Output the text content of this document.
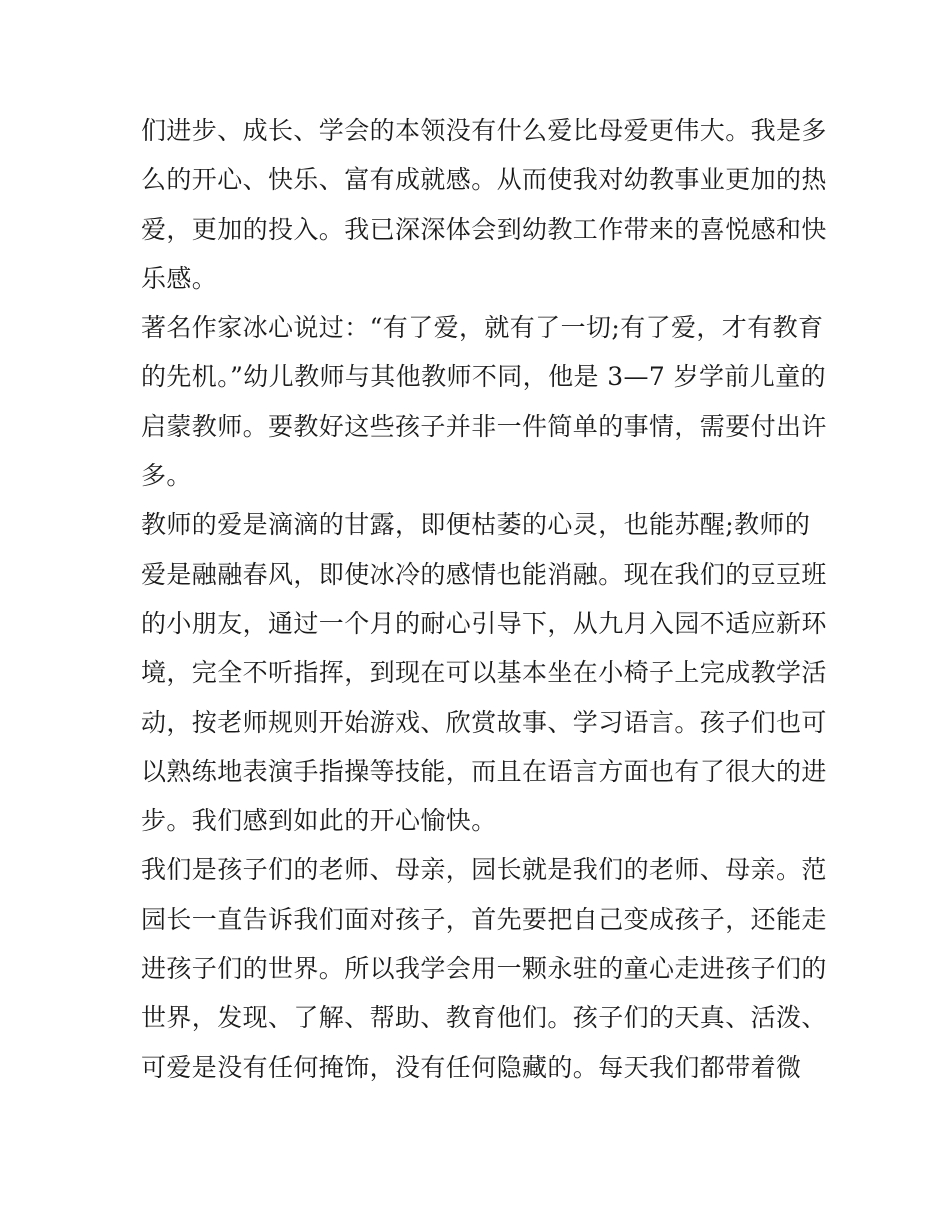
们进步、成长、学会的本领没有什么爱比母爱更伟大。我是多
么的开心、快乐、富有成就感。从而使我对幼教事业更加的热
爱，更加的投入。我已深深体会到幼教工作带来的喜悦感和快
乐感。
著名作家冰心说过：“有了爱，就有了一切;有了爱，才有教育
的先机。”幼儿教师与其他教师不同，他是 3—7 岁学前儿童的
启蒙教师。要教好这些孩子并非一件简单的事情，需要付出许
多。
教师的爱是滴滴的甘露，即便枯萎的心灵，也能苏醒;教师的
爱是融融春风，即使冰冷的感情也能消融。现在我们的豆豆班
的小朋友，通过一个月的耐心引导下，从九月入园不适应新环
境，完全不听指挥，到现在可以基本坐在小椅子上完成教学活
动，按老师规则开始游戏、欣赏故事、学习语言。孩子们也可
以熟练地表演手指操等技能，而且在语言方面也有了很大的进
步。我们感到如此的开心愉快。
我们是孩子们的老师、母亲，园长就是我们的老师、母亲。范
园长一直告诉我们面对孩子，首先要把自己变成孩子，还能走
进孩子们的世界。所以我学会用一颗永驻的童心走进孩子们的
世界，发现、了解、帮助、教育他们。孩子们的天真、活泼、
可爱是没有任何掩饰，没有任何隐藏的。每天我们都带着微
